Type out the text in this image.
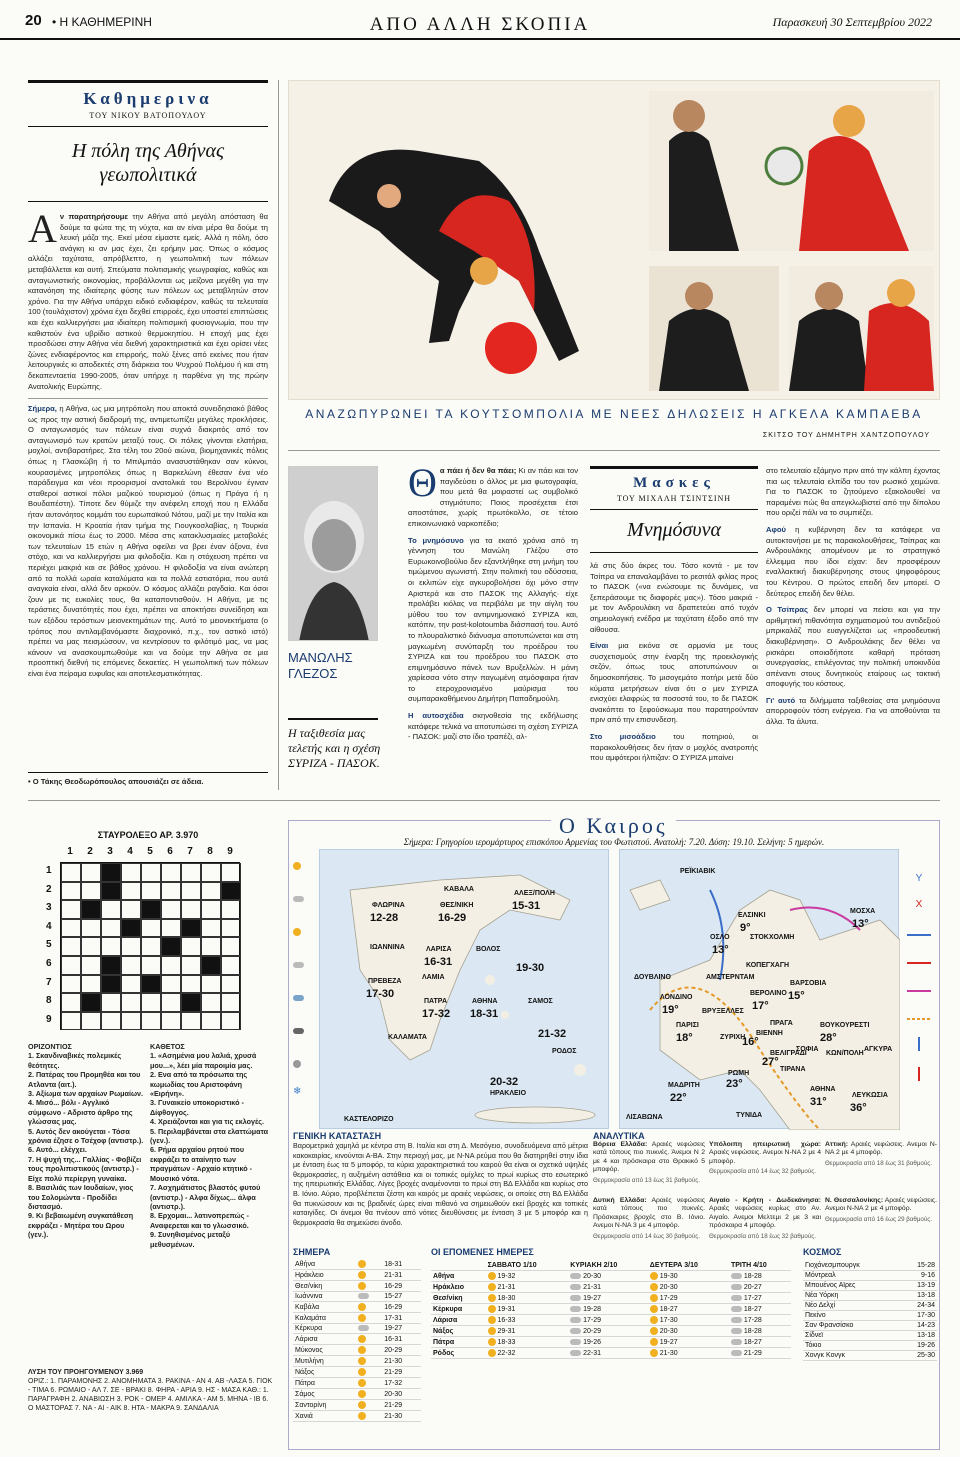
20 • Η ΚΑΘΗΜΕΡΙΝΗ	ΑΠΟ ΑΛΛΗ ΣΚΟΠΙΑ	Παρασκευή 30 Σεπτεμβρίου 2022
Καθημερινα
ΤΟΥ ΝΙΚΟΥ ΒΑΤΟΠΟΥΛΟΥ
Η πόλη της Αθήνας γεωπολιτικά

Αν παρατηρήσουμε την Αθήνα από μεγάλη απόσταση θα δούμε τα φώτα της τη νύχτα, και αν είναι μέρα θα δούμε τη λευκή μάζα της. Εκεί μέσα είμαστε εμείς. Αλλά η πόλη, όσο ανάγκη κι αν μας έχει, ζει ερήμην μας. Όπως ο κόσμος αλλάζει ταχύτατα, απρόβλεπτο, η γεωπολιτική των πόλεων μεταβάλλεται και αυτή. Σπεύματα πολιτισμικής γεωγραφίας, καθώς και ανταγωνιστικής οικονομίας, προβάλλονται ως μείζονα μεγέθη για την κατανόηση της ιδιαίτερης φύσης των πόλεων ως μεταβλητών στον χρόνο. Για την Αθήνα υπάρχει ειδικό ενδιαφέρον, καθώς τα τελευταία 100 (τουλάχιστον) χρόνια έχει δεχθεί επιρροές, έχει υποστεί επιπτώσεις και έχει καλλιεργήσει μια ιδιαίτερη πολιτισμική φυσιογνωμία, που την καθιστούν ένα υβρίδιο αστικού θερμοκηπίου. Η εποχή μας έχει προσδώσει στην Αθήνα νέα διεθνή χαρακτηριστικά και έχει ορίσει νέες ζώνες ενδιαφέροντος και επιρροής, πολύ ξένες από εκείνες που ήταν λειτουργικές κι αποδεκτές στη διάρκεια του Ψυχρού Πολέμου ή και στη δεκαπενταετία 1990-2005, όταν υπήρχε η παρθένα γη της πρώην Ανατολικής Ευρώπης.

Σήμερα, η Αθήνα, ως μια μητρόπολη που αποκτά συνειδησιακό βάθος ως προς την αστική διαδρομή της, αντιμετωπίζει μεγάλες προκλήσεις. Ο ανταγωνισμός των πόλεων είναι συχνά διακριτός από τον ανταγωνισμό των κρατών μεταξύ τους. Οι πόλεις γίνονται ελατήρια, μοχλοί, αντιβαρατήρες. Στα τέλη του 20ού αιώνα, βιομηχανικές πόλεις όπως η Γλασκώβη ή το Μπιλμπάο ανασυστάθηκαν σαν κύκνοι, κουρασμένες μητροπόλεις όπως η Βαρκελώνη έθεσαν ένα νέο παράδειγμα και νέοι προορισμοί ανατολικά του Βερολίνου έγιναν σταθεροί αστικοί πόλοι μαζικού τουρισμού (όπως η Πράγα ή η Βουδαπέστη). Τίποτε δεν θύμιζε την ανέφελη εποχή που η Ελλάδα ήταν αυτονόητος κομμάτι του ευρωπαϊκού Νότου, μαζί με την Ιταλία και την Ισπανία. Η Κροατία ήταν τμήμα της Γιουγκοσλαβίας, η Τουρκία οικονομικά πίσω έως το 2000. Μέσα στις κατακλυσμιαίες μεταβολές των τελευταίων 15 ετών η Αθήνα οφείλει να βρει έναν άξονα, ένα στόχο, και να καλλιεργήσει μια φιλοδοξία. Και η στόχευση πρέπει να περιέχει μακριά και σε βάθος χρόνου. Η φιλοδοξία να είναι ανώτερη από τα πολλά ωραία καταλύματα και τα πολλά εστιατόρια, που αυτά αναγκαία είναι, αλλά δεν αρκούν. Ο κόσμος αλλάζει ραγδαία. Και όσοι ζουν με τις ευκολίες τους, θα καταποντισθούν. Η Αθήνα, με τις τεράστιες δυνατότητές που έχει, πρέπει να αποκτήσει συνείδηση και των εξόδου τερόστιων μειονεκτημάτων της. Αυτό το μειονεκτήματα (ο τρόπος που αντιλαμβανόμαστε διαχρονικό, π.χ., τον αστικό ιστό) πρέπει να μας πεισμώσουν, να κεντρίσουν το φιλότιμό μας, να μας κάνουν να ανασκουμπωθούμε και να δούμε την Αθήνα σε μια προοπτική διεθνή τις επόμενες δεκαετίες. Η γεωπολιτική των πόλεων είναι ένα πείραμα ευφυΐας και αποτελεσματικότητας.

• Ο Τάκης Θεοδωρόπουλος απουσιάζει σε άδεια.
ΑΝΑΖΩΠΥΡΩΝΕΙ ΤΑ ΚΟΥΤΣΟΜΠΟΛΙΑ ΜΕ ΝΕΕΣ ΔΗΛΩΣΕΙΣ Η ΑΓΚΕΛΑ ΚΑΜΠΑΕΒΑ
ΣΚΙΤΣΟ ΤΟΥ ΔΗΜΗΤΡΗ ΧΑΝΤΖΟΠΟΥΛΟΥ
ΜΑΝΩΛΗΣ ΓΛΕΖΟΣ
Η ταξιθεσία μας τελετής και η σχέση ΣΥΡΙΖΑ - ΠΑΣΟΚ.

Θα πάει ή δεν θα πάει; Κι αν πάει και τον παγιδεύσει ο άλλος με μια φωτογραφία, που μετά θα μοιραστεί ως συμβολικό στιγμιότυπο; Ποιος προσέχεται έτσι αποστάτισε, χωρίς πρωτόκολλο, σε τέτοιο επικοινωνιακό ναρκοπέδιο;

Το μνημόσυνο για τα εκατό χρόνια από τη γέννηση του Μανώλη Γλέζου στο Ευρωκοινοβούλιο δεν εξαντλήθηκε στη μνήμη του τιμώμενου αγωνιστή. Στην πολιτική του οδύσσεια, οι εκλιπών είχε αγκυροβολήσει όχι μόνο στην Αριστερά και στο ΠΑΣΟΚ της Αλλαγής· είχε προλάβει κιόλας να περιβάλει με την αίγλη του μύθου του τον αντιμνημονιακό ΣΥΡΙΖΑ και, κατόπιν, την post-kolotoumba διάσπασή του. Αυτό το πλουραλιστικό διάνυσμα αποτυπώνεται και στη μαγκωμένη συνύπαρξη του προέδρου του ΣΥΡΙΖΑ και του προέδρου του ΠΑΣΟΚ στο επιμνημόσυνο πάνελ των Βρυξελλών. Η μάνη χαρίεσσα νότο στην παγωμένη ατμόσφαιρα ήταν το ετεροχρονισμένο μαύρισμα του συμπαρακαθήμενου Δημήτρη Παπαδημούλη.

Η αυτοσχέδια σκηνοθεσία της εκδήλωσης κατάφερε τελικά να αποτυπώσει τη σχέση ΣΥΡΙΖΑ - ΠΑΣΟΚ: μαζί στο ίδιο τραπέζι, αλ-

Μασκες
ΤΟΥ ΜΙΧΑΛΗ ΤΣΙΝΤΣΙΝΗ
Μνημόσυνα

λά στις δύο άκρες του. Τόσο κοντά - με τον Τσίπρα να επαναλαμβάνει το ρεσιτάλ φιλίας προς το ΠΑΣΟΚ («να ενώσουμε τις δυνάμεις, να ξεπεράσουμε τις διαφορές μας»). Τόσο μακριά - με τον Ανδρουλάκη να δραπετεύει από τυχόν σημειολογική ενέδρα με ταχύτατη έξοδο από την αίθουσα.

Είναι μια εικόνα σε αρμονία με τους συσχετισμούς στην έναρξη της προεκλογικής σεζόν, όπως τους αποτυπώνουν οι δημοσκοπήσεις. Το μισογεμάτο ποτήρι μετά δύο κύματα μετρήσεων είναι ότι ο μεν ΣΥΡΙΖΑ ενισχύει ελαφρώς τα ποσοστά του, το δε ΠΑΣΟΚ ανακόπτει το ξεφούσκωμα που παρατηρούνταν πριν από την επισυνδεση.

Στο μισοάδειο του ποτηριού, οι παρακολουθήσεις δεν ήταν ο μοχλός ανατροπής που αμφότεροι ήλπιζαν: Ο ΣΥΡΙΖΑ μπαίνει

στο τελευταίο εξάμηνο πριν από την κάλπη έχοντας πια ως τελευταία ελπίδα του τον ρωσικό χειμώνα. Για το ΠΑΣΟΚ το ζητούμενο εξακολουθεί να παραμένει πώς θα απεγκλωβιστεί από την δίπολου που οριζεί πάλι να το συμπιέζει.

Αφού η κυβέρνηση δεν τα κατάφερε να αυτοκτονήσει με τις παρακολουθήσεις, Τσίπρας και Ανδρουλάκης απομένουν με το στρατηγικό έλλειμμα που ίδοι είχαν: δεν προσφέρουν εναλλακτική διακυβέρνησης στους ψηφοφόρους του Κέντρου. Ο πρώτος επειδή δεν μπορεί. Ο δεύτερος επειδή δεν θέλει.

Ο Τσίπρας δεν μπορεί να πείσει και για την αριθμητική πιθανότητα σχηματισμού του αντιδεξιού μπρικαλάζ που ευαγγελίζεται ως «προοδευτική διακυβέρνηση». Ο Ανδρουλάκης δεν θέλει να ρισκάρει οποιαδήποτε καθαρή πρόταση συνεργασίας, επιλέγοντας την πολιτική υποκινδύα απέναντι στους δυνητικούς εταίρους ως τακτική αποφυγής του κόστους.

Γι' αυτό τα διλήμματα ταξιθεσίας στα μνημόσυνα απορροφούν τόση ενέργεια. Για να αποθούνται τα άλλα. Τα άλυτα.

ΣΤΑΥΡΟΛΕΞΟ ΑΡ. 3.970
1 2 3 4 5 6 7 8 9
1
2
3
4
5
6
7
8
9
ΟΡΙΖΟΝΤΙΟΣ
1. Σκανδιναβικές πολεμικές θεότητες.
2. Πατέρας του Προμηθέα και του Ατλαντα (αιτ.).
3. Αξίωμα των αρχαίων Ρωμαίων.
4. Μισό... βόλι - Αγγλικό σύμφωνο - Αδριστο άρθρο της γλώσσας μας.
5. Αυτός δεν ακούγεται - Τόσα χρόνια έζησε ο Τσέχοφ (αντιστρ.).
6. Αυτό... ελέγχει.
7. Η ψυχή της... Γαλλίας - Φοβίζει τους προλιπιστικούς (αντιστρ.) - Είχε πολύ περίεργη γυναίκα.
8. Βασιλιάς των Ιουδαίων, γιος του Σολομώντα - Προδίδει διστασμό.
9. Κι βεβαιωμένη συγκατάθεση εκφράζει - Μητέρα του Ωρου (γεν.).
ΚΑΘΕΤΟΣ
1. «Ασημένια μου λαλιά, χρυσά μου...», λέει μία παροιμία μας.
2. Ενα από τα πρόσωπα της κωμωδίας του Αριστοφάνη «Ειρήνη».
3. Γυναικείο υποκοριστικό - Δίφθογγος.
4. Χρειάζονται και για τις εκλογές.
5. Περιλαμβάνεται στα ελαττώματα (γεν.).
6. Ρήμα αρχαίου ρητού που εκφράζει το αταίνητο των πραγμάτων - Αρχαίο κτητικό - Μουσικό νότα.
7. Ασχημάτιστος βλαστός φυτού (αντιστρ.) - Αλφα δίχως... άλφα (αντιστρ.).
8. Ερχομαι... λατινοπρεπώς - Αναφερεται και το γλωσσικό.
9. Συνηθισμένος μεταξύ μεθυσμένων.
ΛΥΣΗ ΤΟΥ ΠΡΟΗΓΟΥΜΕΝΟΥ 3.969
ΟΡΙΖ.: 1. ΠΑΡΑΜΟΝΗΣ 2. ΑΝΟΜΗΜΑΤΑ 3. ΡΑΚΙΝΑ - ΑΝ 4. ΑΒ -ΛΑΣΑ 5. ΓΙΟΚ - ΤΙΜΑ 6. ΡΩΜΑΙΟ - ΑΛ 7. ΣΕ - ΒΡΑΚΙ 8. ΦΗΡΑ - ΑΡΙΑ 9. ΗΣ - ΜΑΣΑ ΚΑΘ.: 1. ΠΑΡΑΓΡΑΦΗ 2. ΑΝΑΒΙΩΣΗ 3. ΡΟΚ - ΟΜΕΡ 4. ΑΜΙΛΚΑ - ΑΜ 5. ΜΗΝΑ - ΙΒ 6. Ο ΜΑΣΤΟΡΑΣ 7. ΝΑ - ΑΙ - ΑΙΚ 8. ΗΤΑ - ΜΑΚΡΑ 9. ΣΑΝΔΑΛΙΑ
Ο Καιρος
Σήμερα: Γρηγορίου ιερομάρτυρος επισκόπου Αρμενίας του Φωτιστού. Ανατολή: 7.20. Δύση: 19.10. Σελήνη: 5 ημερών.
❄
ΦΛΩΡΙΝΑ
12-28
ΚΑΒΑΛΑ
ΘΕΣ/ΝΙΚΗ
16-29
ΑΛΕΞ/ΠΟΛΗ
15-31
ΙΩΑΝΝΙΝΑ	ΛΑΡΙΣΑ
16-31
ΒΟΛΟΣ
ΛΑΜΙΑ
19-30
ΠΡΕΒΕΖΑ
17-30
ΠΑΤΡΑ
17-32
ΑΘΗΝΑ
18-31
ΣΑΜΟΣ
ΚΑΛΑΜΑΤΑ	21-32
ΡΟΔΟΣ
20-32
ΗΡΑΚΛΕΙΟ
ΚΑΣΤΕΛΟΡΙΖΟ
ΡΕΪΚΙΑΒΙΚ
ΕΛΣΙΝΚΙ
9°
ΜΟΣΧΑ
13°
ΟΣΛΟ
13°
ΣΤΟΚΧΟΛΜΗ
ΚΟΠΕΓΧΑΓΗ
ΔΟΥΒΛΙΝΟ	ΑΜΣΤΕΡΝΤΑΜ
ΒΑΡΣΟΒΙΑ
15°
ΛΟΝΔΙΝΟ
19°
ΒΕΡΟΛΙΝΟ
17°
ΒΡΥΞΕΛΛΕΣ
ΠΡΑΓΑ
ΠΑΡΙΣΙ
18°	ΒΙΕΝΝΗ
16°
ΒΟΥΚΟΥΡΕΣΤΙ
28°
ΖΥΡΙΧΗ
ΣΟΦΙΑ
ΒΕΛΙΓΡΑΔΙ
27°
ΚΩΝ/ΠΟΛΗ
ΑΓΚΥΡΑ
ΤΙΡΑΝΑ
ΡΩΜΗ
23°
ΜΑΔΡΙΤΗ
22°
ΑΘΗΝΑ
31°
ΛΕΥΚΩΣΙΑ
36°
ΛΙΣΑΒΩΝΑ	ΤΥΝΙΔΑ
Y
X
ΓΕΝΙΚΗ ΚΑΤΑΣΤΑΣΗ
Βαρομετρικά χαμηλά με κέντρα στη Β. Ιταλία και στη Δ. Μεσόγειο, συνοδευόμενα από μέτρια κακοκαιρίας, κινούνται Α-ΒΑ. Στην περιοχή μας, με Ν-ΝΑ ρεύμα που θα διατηρηθεί στην ίδια με ένταση έως τα 5 μποφόρ, τα κύρια χαρακτηριστικά του καιρού θα είναι οι σχετικά υψηλές θερμοκρασίες, η αυξημένη αστάθεια και οι τοπικές ομίχλες το πρωί κυρίως στο εσωτερικό της ηπειρωτικής Ελλάδας. Λίγες βροχές αναμένονται το πρωί στη ΒΔ Ελλάδα και κυρίως στο Β. Ιόνιο. Αύριο, προβλέπεται ζέστη και καιρός με αραιές νεφώσεις, οι οποίες στη ΒΔ Ελλάδα θα πυκνώσουν και τις βραδινές ώρες είναι πιθανό να σημειωθούν εκεί βροχές και τοπικές καταιγίδες. Οι άνεμοι θα πνέουν από νότιες διευθύνσεις με ένταση 3 με 5 μποφόρ και η θερμοκρασία θα σημειώσει άνοδο.
ΑΝΑΛΥΤΙΚΑ
Βόρεια Ελλάδα: Αραιές νεφώσεις κατά τόπους πιο πυκνές. Άνεμοι Ν 2 με 4 και πρόσκαιρα στο Θρακικό 5 μποφόρ.
Θερμοκρασία από 13 έως 31 βαθμούς.
Υπόλοιπη ηπειρωτική χώρα: Αραιές νεφώσεις. Ανεμοι Ν-ΝΑ 2 με 4 μποφόρ.
Θερμοκρασία από 14 έως 32 βαθμούς.
Αττική: Αραιές νεφώσεις. Ανεμοι Ν-ΝΑ 2 με 4 μποφόρ.
Θερμοκρασία από 18 έως 31 βαθμούς.
Δυτική Ελλάδα: Αραιές νεφώσεις κατά τόπους πιο πυκνές. Πρόσκαιρες βροχές στο Β. Ιόνιο. Ανεμοι Ν-ΝΑ 3 με 4 μποφόρ.
Θερμοκρασία από 14 έως 30 βαθμούς.
Αιγαίο - Κρήτη - Δωδεκάνησα: Αραιές νεφώσεις κυρίως στο Αν. Αιγαίο. Ανεμοι Μελτεμι 2 με 3 και πρόσκαιρα 4 μποφόρ.
Θερμοκρασία από 18 έως 32 βαθμούς.
Ν. Θεσσαλονίκης: Αραιές νεφώσεις. Ανεμοι Ν-ΝΑ 2 με 4 μποφόρ.
Θερμοκρασία από 16 έως 29 βαθμούς.
ΣΗΜΕΡΑ
Αθήνα		18-31
Ηράκλειο		21-31
Θεσ/νίκη		16-29
Ιωάννινα		15-27
Καβάλα		16-29
Καλαμάτα		17-31
Κέρκυρα		19-27
Λάρισα		16-31
Μύκονος		20-29
Μυτιλήνη		21-30
Νάξος		21-29
Πάτρα		17-32
Σάμος		20-30
Σαντορίνη		21-29
Χανιά		21-30
ΟΙ ΕΠΟΜΕΝΕΣ ΗΜΕΡΕΣ
	ΣΑΒΒΑΤΟ 1/10	ΚΥΡΙΑΚΗ 2/10	ΔΕΥΤΕΡΑ 3/10	ΤΡΙΤΗ 4/10
Αθήνα	19-32	20-30	19-30	18-28
Ηράκλειο	21-31	21-31	20-30	20-27
Θεσ/νίκη	18-30	19-27	17-29	17-27
Κέρκυρα	19-31	19-28	18-27	18-27
Λάρισα	16-33	17-29	17-30	17-28
Νάξος	29-31	20-29	20-30	18-28
Πάτρα	18-33	19-26	19-27	18-27
Ρόδος	22-32	22-31	21-30	21-29
ΚΟΣΜΟΣ
Γιοχάνεσμπουργκ	15-28
Μόντρεαλ	9-16
Μπουένος Αϊρες	13-19
Νέα Υόρκη	13-18
Νέο Δελχί	24-34
Πεκίνο	17-30
Σαν Φρανσίσκο	14-23
Σίδνεϊ	13-18
Τόκιο	19-26
Χονγκ Κονγκ	25-30
